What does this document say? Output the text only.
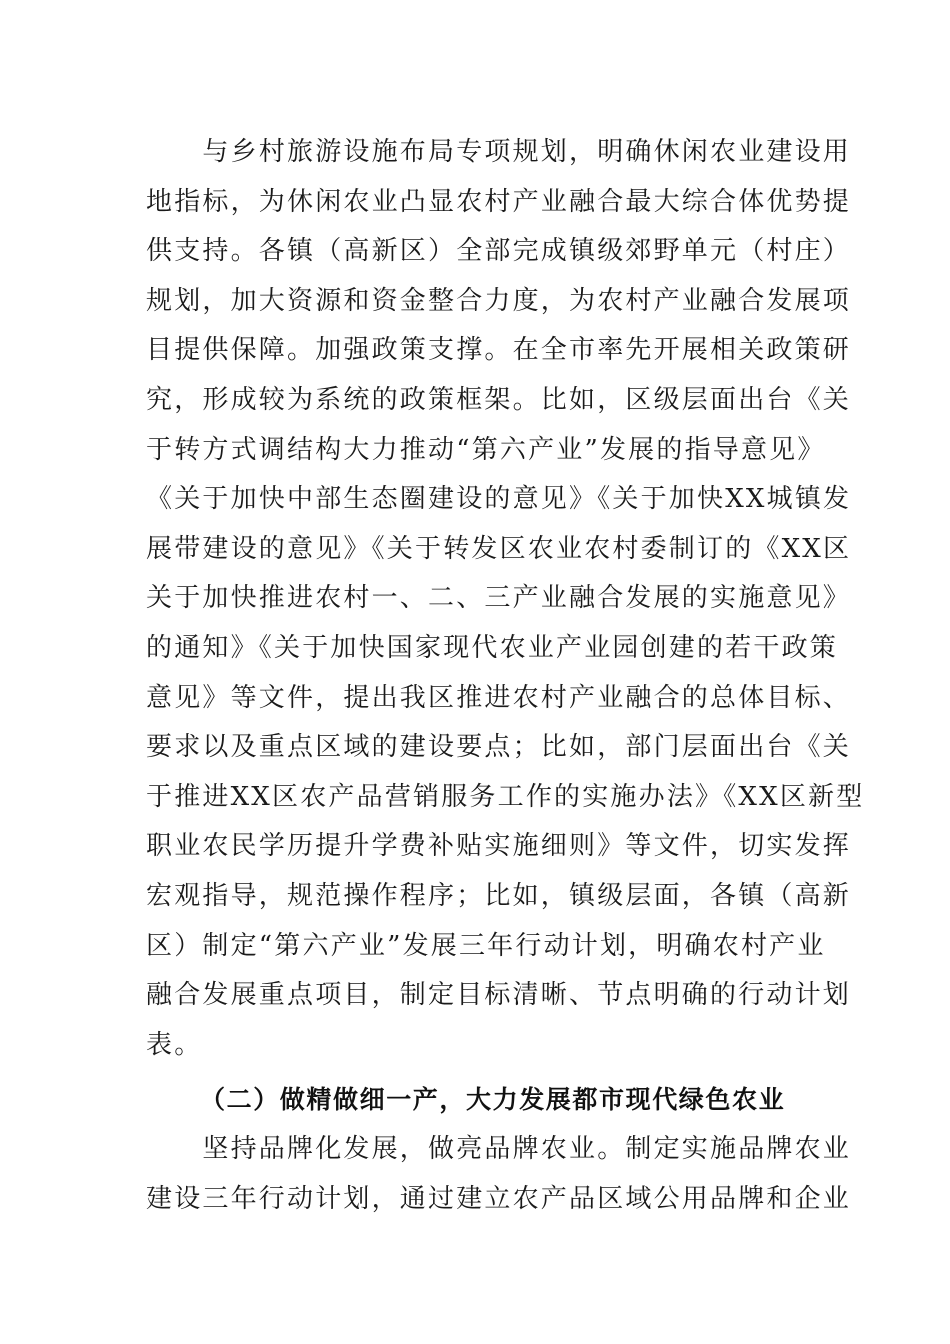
　　与乡村旅游设施布局专项规划，明确休闲农业建设用
地指标，为休闲农业凸显农村产业融合最大综合体优势提
供支持。各镇（高新区）全部完成镇级郊野单元（村庄）
规划，加大资源和资金整合力度，为农村产业融合发展项
目提供保障。加强政策支撑。在全市率先开展相关政策研
究，形成较为系统的政策框架。比如，区级层面出台《关
于转方式调结构大力推动“第六产业”发展的指导意见》
《关于加快中部生态圈建设的意见》《关于加快XX城镇发
展带建设的意见》《关于转发区农业农村委制订的《XX区
关于加快推进农村一、二、三产业融合发展的实施意见》
的通知》《关于加快国家现代农业产业园创建的若干政策
意见》等文件，提出我区推进农村产业融合的总体目标、
要求以及重点区域的建设要点；比如，部门层面出台《关
于推进XX区农产品营销服务工作的实施办法》《XX区新型
职业农民学历提升学费补贴实施细则》等文件，切实发挥
宏观指导，规范操作程序；比如，镇级层面，各镇（高新
区）制定“第六产业”发展三年行动计划，明确农村产业
融合发展重点项目，制定目标清晰、节点明确的行动计划
表。
（二）做精做细一产，大力发展都市现代绿色农业
　　坚持品牌化发展，做亮品牌农业。制定实施品牌农业
建设三年行动计划，通过建立农产品区域公用品牌和企业
